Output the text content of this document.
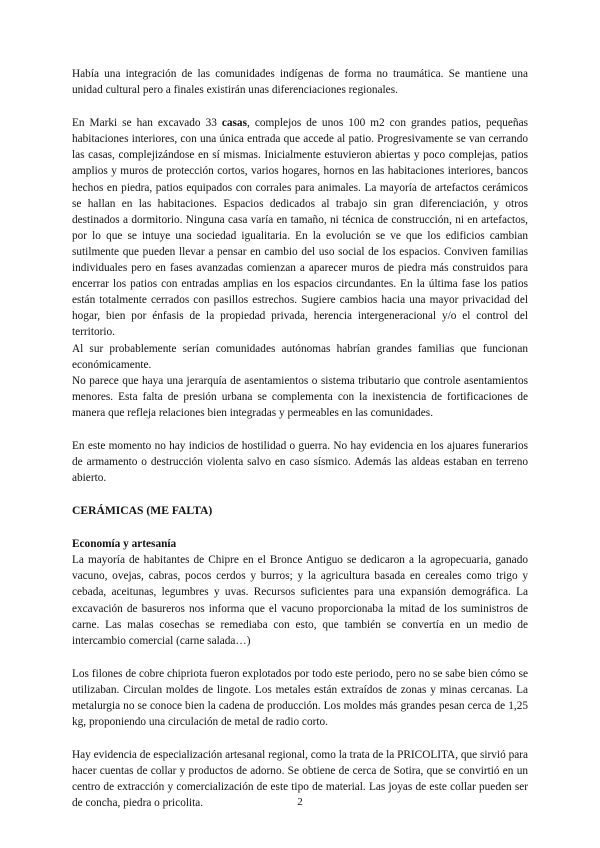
Había una integración de las comunidades indígenas de forma no traumática. Se mantiene una unidad cultural pero a finales existirán unas diferenciaciones regionales.

En Marki se han excavado 33 casas, complejos de unos 100 m2 con grandes patios, pequeñas habitaciones interiores, con una única entrada que accede al patio. Progresivamente se van cerrando las casas, complejizándose en sí mismas. Inicialmente estuvieron abiertas y poco complejas, patios amplios y muros de protección cortos, varios hogares, hornos en las habitaciones interiores, bancos hechos en piedra, patios equipados con corrales para animales. La mayoría de artefactos cerámicos se hallan en las habitaciones. Espacios dedicados al trabajo sin gran diferenciación, y otros destinados a dormitorio. Ninguna casa varía en tamaño, ni técnica de construcción, ni en artefactos, por lo que se intuye una sociedad igualitaria. En la evolución se ve que los edificios cambian sutilmente que pueden llevar a pensar en cambio del uso social de los espacios. Conviven familias individuales pero en fases avanzadas comienzan a aparecer muros de piedra más construidos para encerrar los patios con entradas amplias en los espacios circundantes. En la última fase los patios están totalmente cerrados con pasillos estrechos. Sugiere cambios hacia una mayor privacidad del hogar, bien por énfasis de la propiedad privada, herencia intergeneracional y/o el control del territorio.

Al sur probablemente serían comunidades autónomas habrían grandes familias que funcionan económicamente.

No parece que haya una jerarquía de asentamientos o sistema tributario que controle asentamientos menores. Esta falta de presión urbana se complementa con la inexistencia de fortificaciones de manera que refleja relaciones bien integradas y permeables en las comunidades.

En este momento no hay indicios de hostilidad o guerra. No hay evidencia en los ajuares funerarios de armamento o destrucción violenta salvo en caso sísmico. Además las aldeas estaban en terreno abierto.

CERÁMICAS (ME FALTA)
Economía y artesanía

La mayoría de habitantes de Chipre en el Bronce Antiguo se dedicaron a la agropecuaria, ganado vacuno, ovejas, cabras, pocos cerdos y burros; y la agricultura basada en cereales como trigo y cebada, aceitunas, legumbres y uvas. Recursos suficientes para una expansión demográfica. La excavación de basureros nos informa que el vacuno proporcionaba la mitad de los suministros de carne. Las malas cosechas se remediaba con esto, que también se convertía en un medio de intercambio comercial (carne salada…)

Los filones de cobre chipriota fueron explotados por todo este periodo, pero no se sabe bien cómo se utilizaban. Circulan moldes de lingote. Los metales están extraídos de zonas y minas cercanas. La metalurgia no se conoce bien la cadena de producción. Los moldes más grandes pesan cerca de 1,25 kg, proponiendo una circulación de metal de radio corto.

Hay evidencia de especialización artesanal regional, como la trata de la PRICOLITA, que sirvió para hacer cuentas de collar y productos de adorno. Se obtiene de cerca de Sotira, que se convirtió en un centro de extracción y comercialización de este tipo de material. Las joyas de este collar pueden ser de concha, piedra o pricolita.	2
